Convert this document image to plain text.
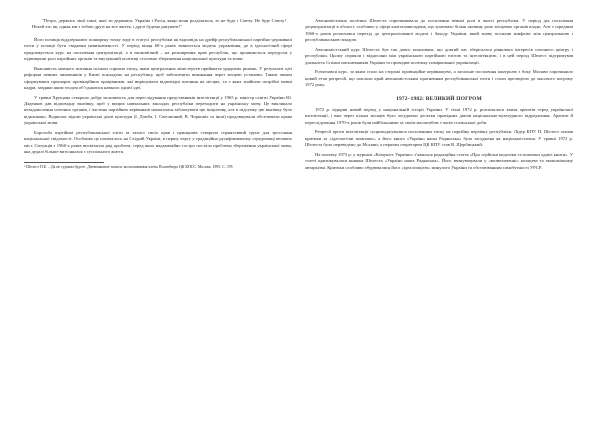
"Петро, держись лінії такої, якої ти держався. Україна і Росія, якщо вони розділяться, то не буде і Союзу. Не буде Союзу! Нехай хто як, однак ми з тобою друзі на все життя, і друзі будемо рятувати!"

Його позиція віддзеркалює поширену точку зору в статусі республіки як відповідь на дрейф республіканської партійно-державної еліти у позиції бути свідками невизначеності. У період кінця 60-х років змінюється модель управління, де в ідеологічній сфері продовжується курс на посилення централізації, а в економічній – на розширення прав республік, що проявляється передусім у підвищенні ролі партійних органів та внутрішній політиці стосовно збереження національної культури та мови.

Важливість мовного питання скільки сприяла тиску, яким центральних міністерств прийняття урядових рішень. У результаті цієї реформи певних чиновників у Києві покладено на республіку, щоб забезпечити виконання через місцеві установи. Таким чином сформувався прошарок провінційних працівників, які вирішували відповідні питання на місцях, та з яких знайшли потрібні мовні кадри, завдяки яким згодом об’єдналися навколо однієї ідеї.

У травні Хрущова створено добру можливість для переслідування представників інтелігенції у 1965 р. міністр освіти України Ю. Даденков дав відповідну вказівку, щоб у вищих навчальних закладах республіки переходити на українську мову. Це викликало незадоволення союзних органів, і частина партійних керівників намагалася заблокувати цю ініціативу, але в підсумку цю вказівку було відкликано. Водночас відомі українські діячі культури (І. Дзюба, І. Світличний, В. Чорновіл та інші) продовжували обстоювати права української мови.

Боротьба партійної республіканської еліти за захист своїх прав і принципів створила сприятливий ґрунт для зростання національної свідомості. Особливо це помічалось на Східній Україні, в першу чергу у традиційно русифікованому середовищі великих міст. Ситуація з 1960-х років висвітлила ряд проблем, серед яких надзвичайно гостро постала проблема збереження української мови, яка дедалі більше витіснялася з суспільного життя.

¹ Шелест П.Е. ...Да не судимы будете. Дневниковые записи, воспоминания члена Политбюро ЦК КПСС. Москва, 1995. С. 378.

Автономістична політика Шелеста спричинювала до посилення певної ролі в житті республіки. У період дія посилення децентралізації в області, особливо у сфері капіталовкладень, що зумовило більш активну роль місцевих органів влади. Але з середини 1960-х років розпочався перехід до централізованої моделі і Заходу України, який знову посилив конфлікт між центральною і республіканською владою.

Автономістський курс Шелеста був так довго можливим, що довгий час зберігалася рівновага інтересів союзного центру і республіки. Цьому сприяли і відносини між українською партійною елітою та інтелігенцією, і в цей період Шелест підтримував діяльність Спілки письменників України та проводив політику поміркованої українізації.

Розпочався курс, за яким стало на сторожі провінційне керівництво, а загальне посилення контролю з боку Москви спричинило новий етап репресій, що поклали край автономістським прагненням республіканської еліти і стали прелюдією до масового погрому 1972 року.

1972–1982: ВЕЛИКИЙ ПОГРОМ

1972 р. відкрив новий період у національній історії України. У січні 1972 р. розпочалася хвиля арештів серед української інтелігенції, і вже через кілька місяців було засуджено десятки провідних діячів національно-культурного відродження. Арешти й переслідування 1970-х років були найбільшими за своїм масштабом з часів сталінської доби.

Репресії проти інтелігенції супроводжувалися посиленням тиску на партійну верхівку республіки. Лідер КПУ П. Шелест зазнав критики за «ідеологічні помилки», а його книга «Україно наша Радянська» була засуджена як націоналістична. У травні 1972 р. Шелеста було переведено до Москви, а першим секретарем ЦК КПУ став В. Щербицький.

На початку 1973 р. у журналі «Комуніст України» з’явилася редакційна стаття «Про серйозні недоліки та помилки однієї книги». У статті критикувалася книжка Шелеста «Україно наша Радянська». Його звинувачували у «возвеличенні» козацтва та економічному автаркізмі. Критики особливо обурювалися його «ідеалізацією» минулого України та обстоюванням самобутності УРСР.
